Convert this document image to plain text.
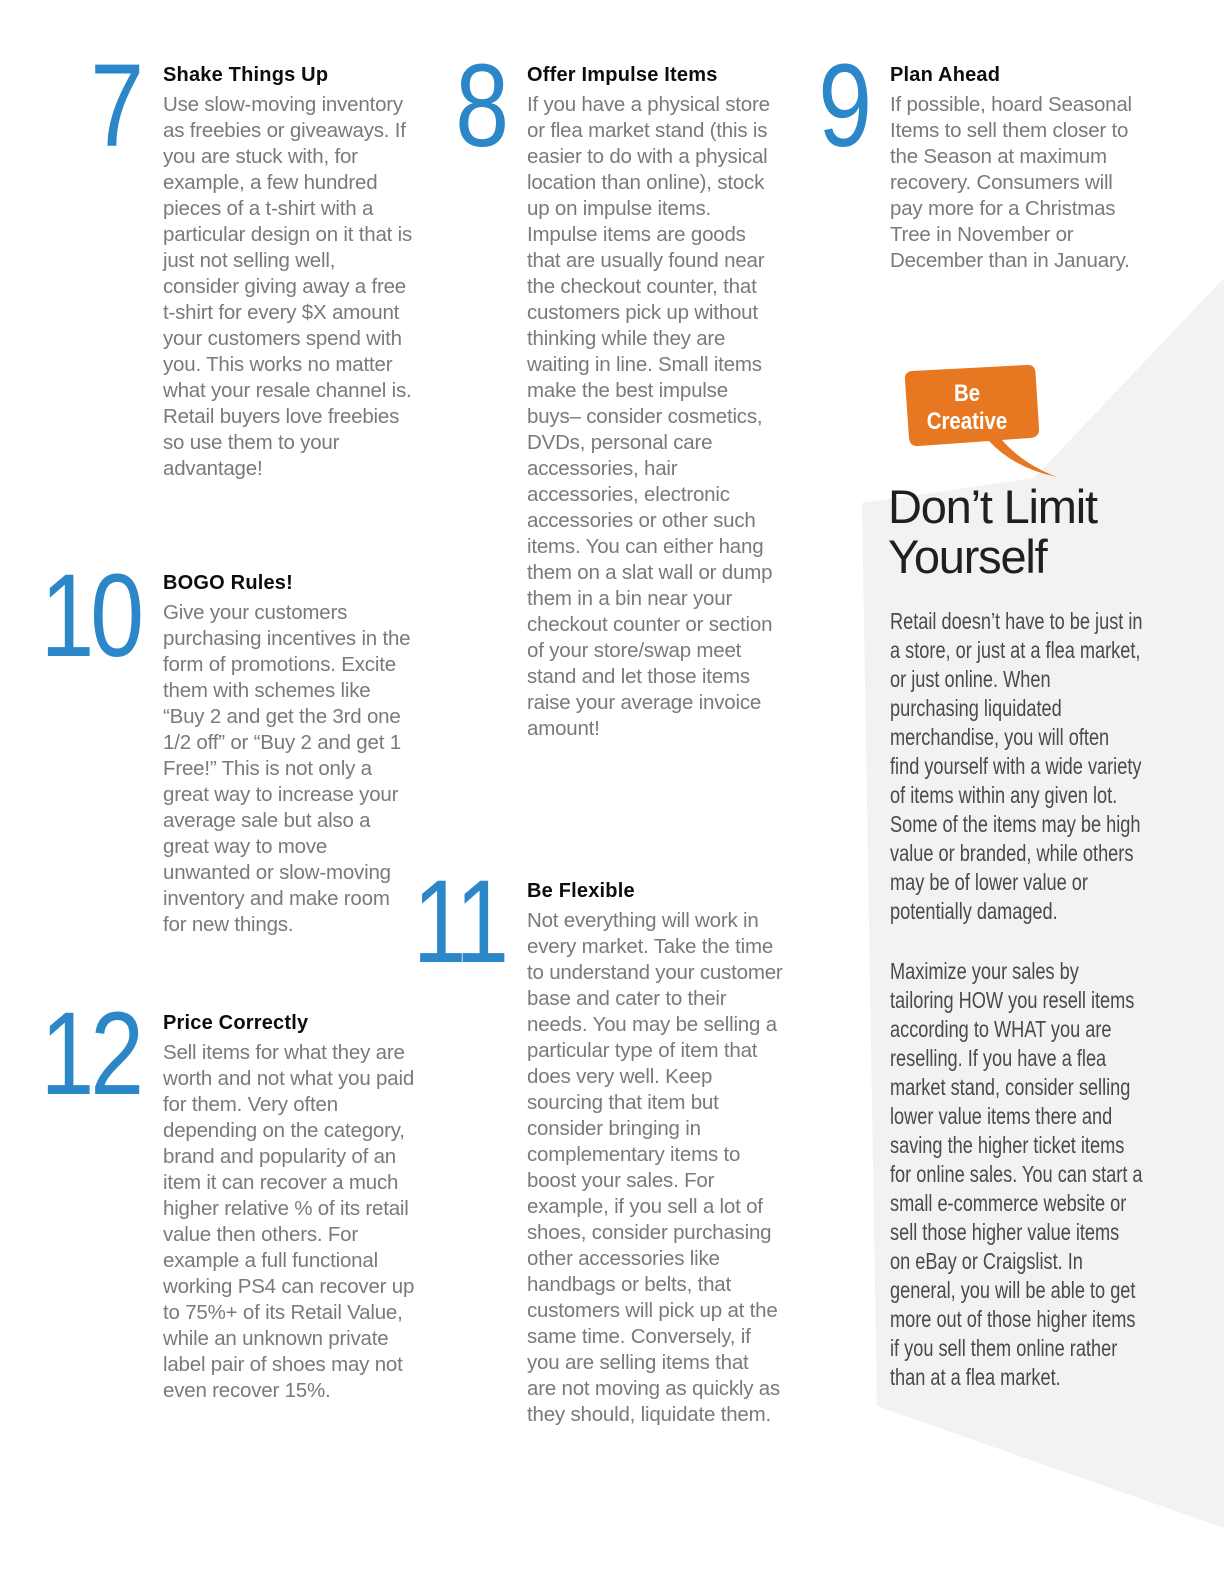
7	8	9
10
11
12
Shake Things Up

Use slow-moving inventory as freebies or giveaways. If you are stuck with, for example, a few hundred pieces of a t-shirt with a particular design on it that is just not selling well, consider giving away a free t-shirt for every $X amount your customers spend with you. This works no matter what your resale channel is. Retail buyers love freebies so use them to your advantage!

Offer Impulse Items

If you have a physical store or flea market stand (this is easier to do with a physical location than online), stock up on impulse items. Impulse items are goods that are usually found near the checkout counter, that customers pick up without thinking while they are waiting in line. Small items make the best impulse buys– consider cosmetics, DVDs, personal care accessories, hair accessories, electronic accessories or other such items. You can either hang them on a slat wall or dump them in a bin near your checkout counter or section of your store/swap meet stand and let those items raise your average invoice amount!

Plan Ahead

If possible, hoard Seasonal Items to sell them closer to the Season at maximum recovery. Consumers will pay more for a Christmas Tree in November or December than in January.

BOGO Rules!

Give your customers purchasing incentives in the form of promotions. Excite them with schemes like “Buy 2 and get the 3rd one 1/2 off” or “Buy 2 and get 1 Free!” This is not only a great way to increase your average sale but also a great way to move unwanted or slow-moving inventory and make room for new things.

Be Flexible

Not everything will work in every market. Take the time to understand your customer base and cater to their needs. You may be selling a particular type of item that does very well. Keep sourcing that item but consider bringing in complementary items to boost your sales. For example, if you sell a lot of shoes, consider purchasing other accessories like handbags or belts, that customers will pick up at the same time. Conversely, if you are selling items that are not moving as quickly as they should, liquidate them.

Price Correctly

Sell items for what they are worth and not what you paid for them. Very often depending on the category, brand and popularity of an item it can recover a much higher relative % of its retail value then others. For example a full functional working PS4 can recover up to 75%+ of its Retail Value, while an unknown private label pair of shoes may not even recover 15%.

Be
Creative
Don’t Limit Yourself

Retail doesn’t have to be just in a store, or just at a flea market, or just online. When purchasing liquidated merchandise, you will often find yourself with a wide variety of items within any given lot. Some of the items may be high value or branded, while others may be of lower value or potentially damaged.

Maximize your sales by tailoring HOW you resell items according to WHAT you are reselling. If you have a flea market stand, consider selling lower value items there and saving the higher ticket items for online sales. You can start a small e-commerce website or sell those higher value items on eBay or Craigslist. In general, you will be able to get more out of those higher items if you sell them online rather than at a flea market.
